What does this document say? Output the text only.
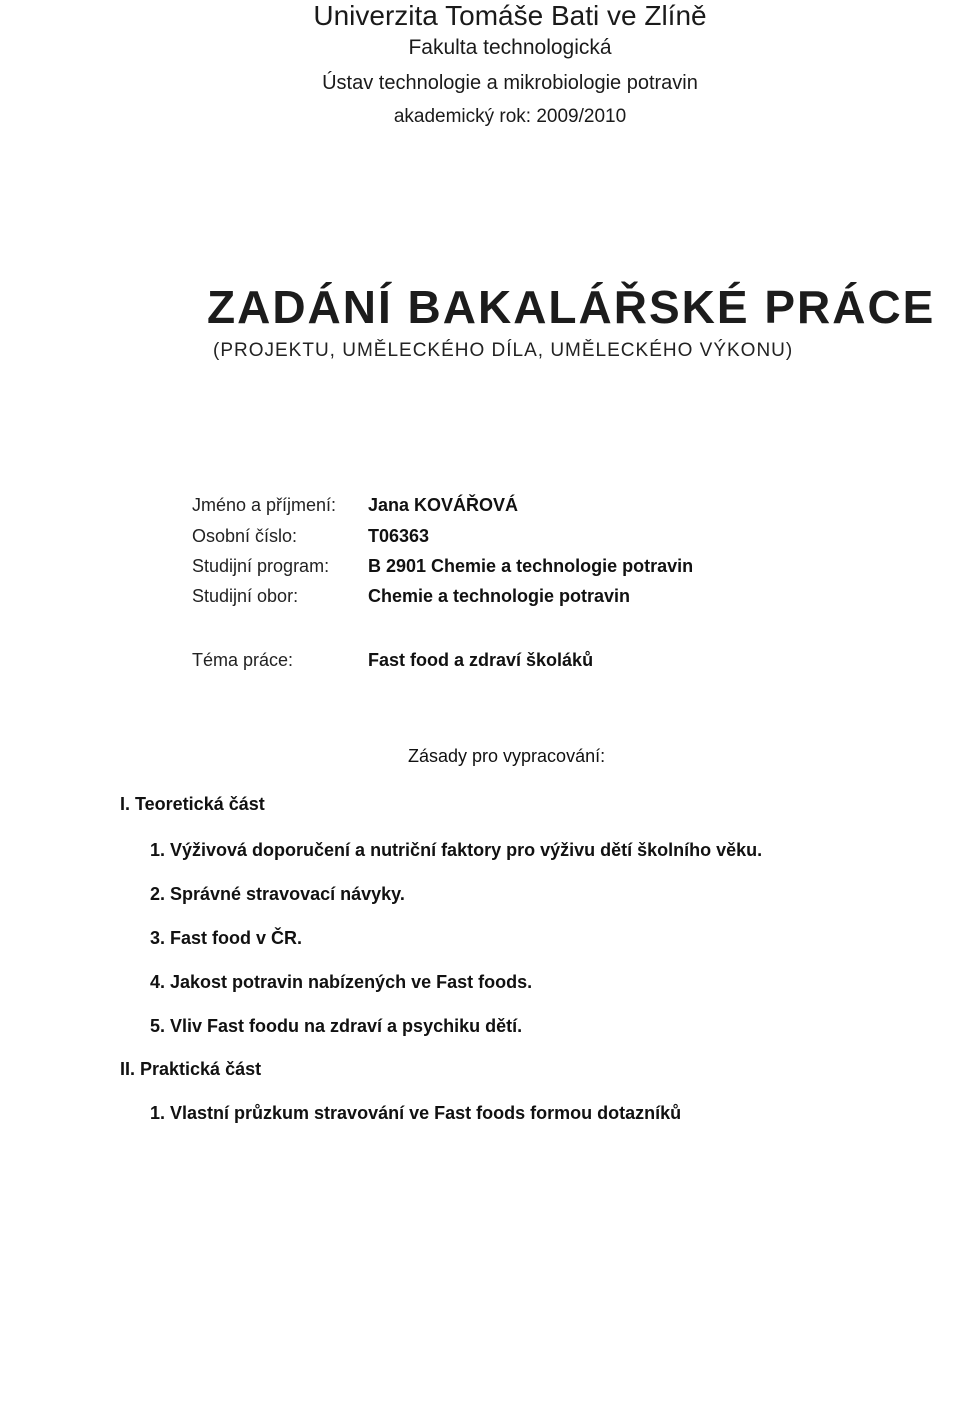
Univerzita Tomáše Bati ve Zlíně
Fakulta technologická
Ústav technologie a mikrobiologie potravin
akademický rok: 2009/2010
ZADÁNÍ BAKALÁŘSKÉ PRÁCE
(PROJEKTU, UMĚLECKÉHO DÍLA, UMĚLECKÉHO VÝKONU)
Jméno a příjmení: Jana KOVÁŘOVÁ
Osobní číslo:	T06363
Studijní program: B 2901 Chemie a technologie potravin
Studijní obor:	Chemie a technologie potravin
Téma práce:	Fast food a zdraví školáků
Zásady pro vypracování:
I. Teoretická část
1. Výživová doporučení a nutriční faktory pro výživu dětí školního věku.
2. Správné stravovací návyky.
3. Fast food v ČR.
4. Jakost potravin nabízených ve Fast foods.
5. Vliv Fast foodu na zdraví a psychiku dětí.
II. Praktická část
1. Vlastní průzkum stravování ve Fast foods formou dotazníků
